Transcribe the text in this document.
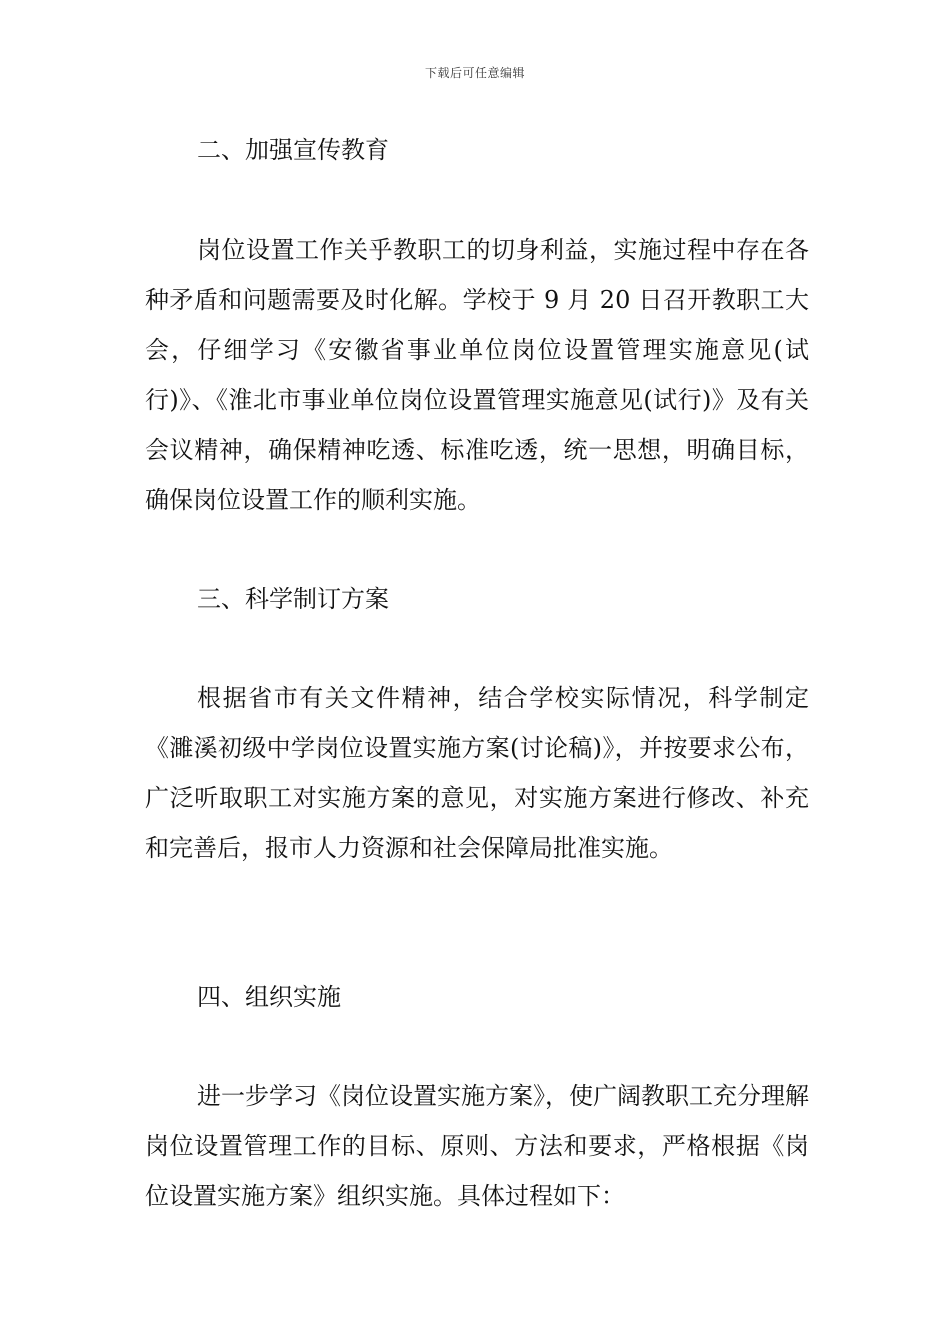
下载后可任意编辑
二、加强宣传教育
岗位设置工作关乎教职工的切身利益，实施过程中存在各种矛盾和问题需要及时化解。学校于 9 月 20 日召开教职工大会，仔细学习《安徽省事业单位岗位设置管理实施意见(试行)》、《淮北市事业单位岗位设置管理实施意见(试行)》及有关会议精神，确保精神吃透、标准吃透，统一思想，明确目标，确保岗位设置工作的顺利实施。
三、科学制订方案
根据省市有关文件精神，结合学校实际情况，科学制定《濉溪初级中学岗位设置实施方案(讨论稿)》，并按要求公布，广泛听取职工对实施方案的意见，对实施方案进行修改、补充和完善后，报市人力资源和社会保障局批准实施。
四、组织实施
进一步学习《岗位设置实施方案》，使广阔教职工充分理解岗位设置管理工作的目标、原则、方法和要求，严格根据《岗位设置实施方案》组织实施。具体过程如下：
